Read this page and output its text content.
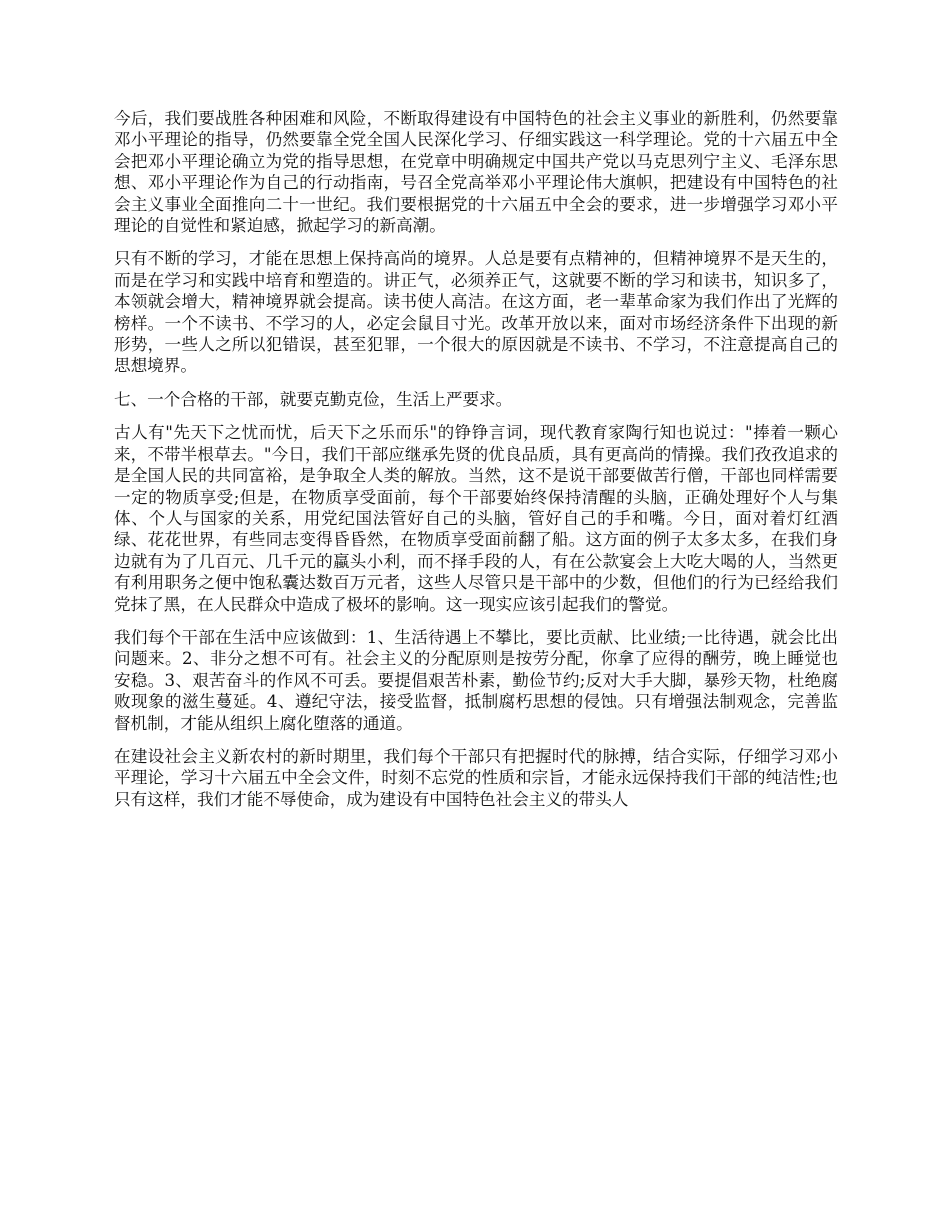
今后，我们要战胜各种困难和风险，不断取得建设有中国特色的社会主义事业的新胜利，仍然要靠邓小平理论的指导，仍然要靠全党全国人民深化学习、仔细实践这一科学理论。党的十六届五中全会把邓小平理论确立为党的指导思想，在党章中明确规定中国共产党以马克思列宁主义、毛泽东思想、邓小平理论作为自己的行动指南，号召全党高举邓小平理论伟大旗帜，把建设有中国特色的社会主义事业全面推向二十一世纪。我们要根据党的十六届五中全会的要求，进一步增强学习邓小平理论的自觉性和紧迫感，掀起学习的新高潮。

只有不断的学习，才能在思想上保持高尚的境界。人总是要有点精神的，但精神境界不是天生的，而是在学习和实践中培育和塑造的。讲正气，必须养正气，这就要不断的学习和读书，知识多了，本领就会增大，精神境界就会提高。读书使人高洁。在这方面，老一辈革命家为我们作出了光辉的榜样。一个不读书、不学习的人，必定会鼠目寸光。改革开放以来，面对市场经济条件下出现的新形势，一些人之所以犯错误，甚至犯罪，一个很大的原因就是不读书、不学习，不注意提高自己的思想境界。

七、一个合格的干部，就要克勤克俭，生活上严要求。

古人有"先天下之忧而忧，后天下之乐而乐"的铮铮言词，现代教育家陶行知也说过："捧着一颗心来，不带半根草去。"今日，我们干部应继承先贤的优良品质，具有更高尚的情操。我们孜孜追求的是全国人民的共同富裕，是争取全人类的解放。当然，这不是说干部要做苦行僧，干部也同样需要一定的物质享受;但是，在物质享受面前，每个干部要始终保持清醒的头脑，正确处理好个人与集体、个人与国家的关系，用党纪国法管好自己的头脑，管好自己的手和嘴。今日，面对着灯红酒绿、花花世界，有些同志变得昏昏然，在物质享受面前翻了船。这方面的例子太多太多，在我们身边就有为了几百元、几千元的蠃头小利，而不择手段的人，有在公款宴会上大吃大喝的人，当然更有利用职务之便中饱私囊达数百万元者，这些人尽管只是干部中的少数，但他们的行为已经给我们党抹了黑，在人民群众中造成了极坏的影响。这一现实应该引起我们的警觉。

我们每个干部在生活中应该做到：1、生活待遇上不攀比，要比贡献、比业绩;一比待遇，就会比出问题来。2、非分之想不可有。社会主义的分配原则是按劳分配，你拿了应得的酬劳，晚上睡觉也安稳。3、艰苦奋斗的作风不可丢。要提倡艰苦朴素，勤俭节约;反对大手大脚，暴殄天物，杜绝腐败现象的滋生蔓延。4、遵纪守法，接受监督，抵制腐朽思想的侵蚀。只有增强法制观念，完善监督机制，才能从组织上腐化堕落的通道。

在建设社会主义新农村的新时期里，我们每个干部只有把握时代的脉搏，结合实际，仔细学习邓小平理论，学习十六届五中全会文件，时刻不忘党的性质和宗旨，才能永远保持我们干部的纯洁性;也只有这样，我们才能不辱使命，成为建设有中国特色社会主义的带头人
